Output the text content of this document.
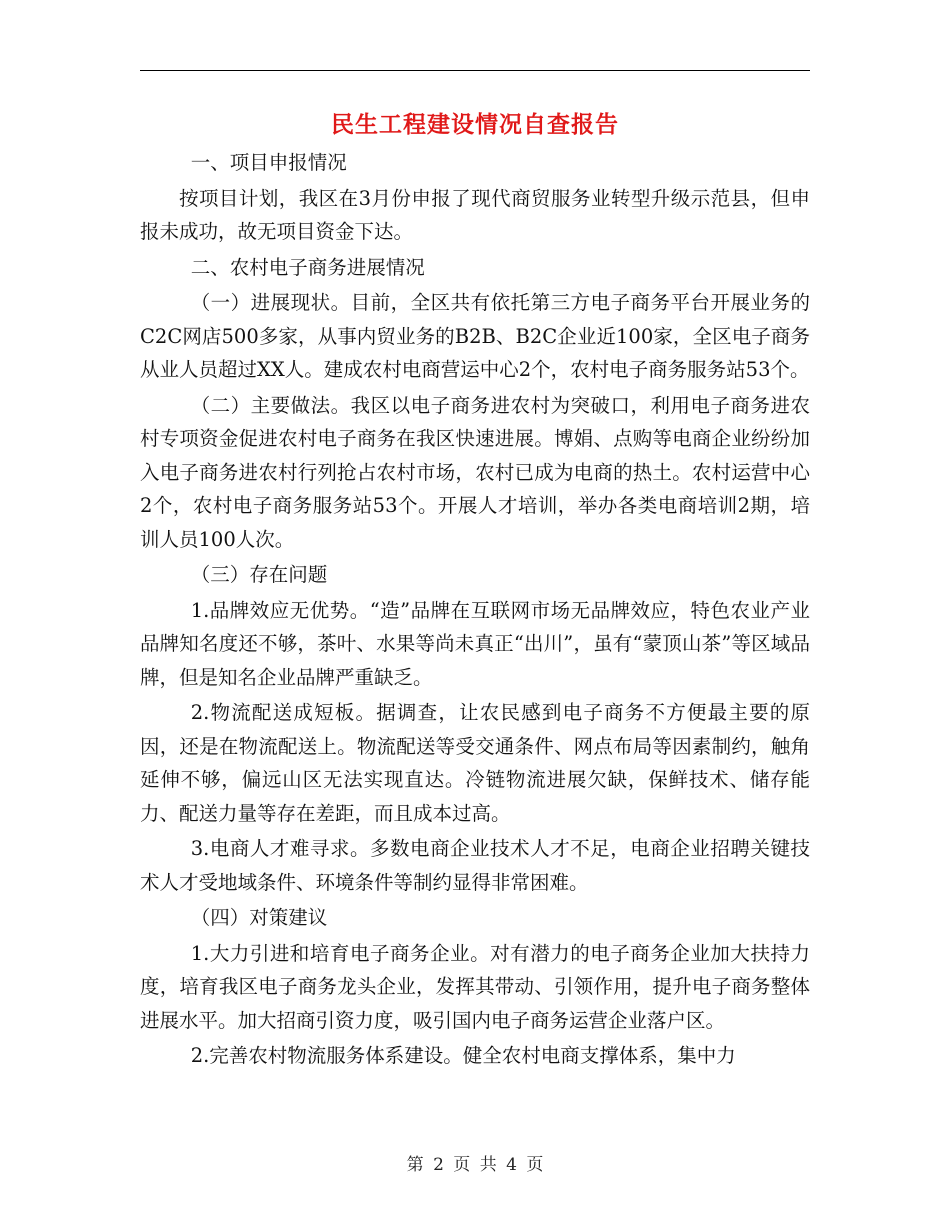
民生工程建设情况自查报告

一、项目申报情况

按项目计划，我区在3月份申报了现代商贸服务业转型升级示范县，但申报未成功，故无项目资金下达。

二、农村电子商务进展情况

（一）进展现状。目前，全区共有依托第三方电子商务平台开展业务的C2C网店500多家，从事内贸业务的B2B、B2C企业近100家，全区电子商务从业人员超过XX人。建成农村电商营运中心2个，农村电子商务服务站53个。

（二）主要做法。我区以电子商务进农村为突破口，利用电子商务进农村专项资金促进农村电子商务在我区快速进展。博娟、点购等电商企业纷纷加入电子商务进农村行列抢占农村市场，农村已成为电商的热土。农村运营中心2个，农村电子商务服务站53个。开展人才培训，举办各类电商培训2期，培训人员100人次。

（三）存在问题

1.品牌效应无优势。“造”品牌在互联网市场无品牌效应，特色农业产业品牌知名度还不够，茶叶、水果等尚未真正“出川”，虽有“蒙顶山茶”等区域品牌，但是知名企业品牌严重缺乏。

2.物流配送成短板。据调查，让农民感到电子商务不方便最主要的原因，还是在物流配送上。物流配送等受交通条件、网点布局等因素制约，触角延伸不够，偏远山区无法实现直达。冷链物流进展欠缺，保鲜技术、储存能力、配送力量等存在差距，而且成本过高。

3.电商人才难寻求。多数电商企业技术人才不足，电商企业招聘关键技术人才受地域条件、环境条件等制约显得非常困难。

（四）对策建议

1.大力引进和培育电子商务企业。对有潜力的电子商务企业加大扶持力度，培育我区电子商务龙头企业，发挥其带动、引领作用，提升电子商务整体进展水平。加大招商引资力度，吸引国内电子商务运营企业落户区。

2.完善农村物流服务体系建设。健全农村电商支撑体系，集中力

第 2 页 共 4 页
